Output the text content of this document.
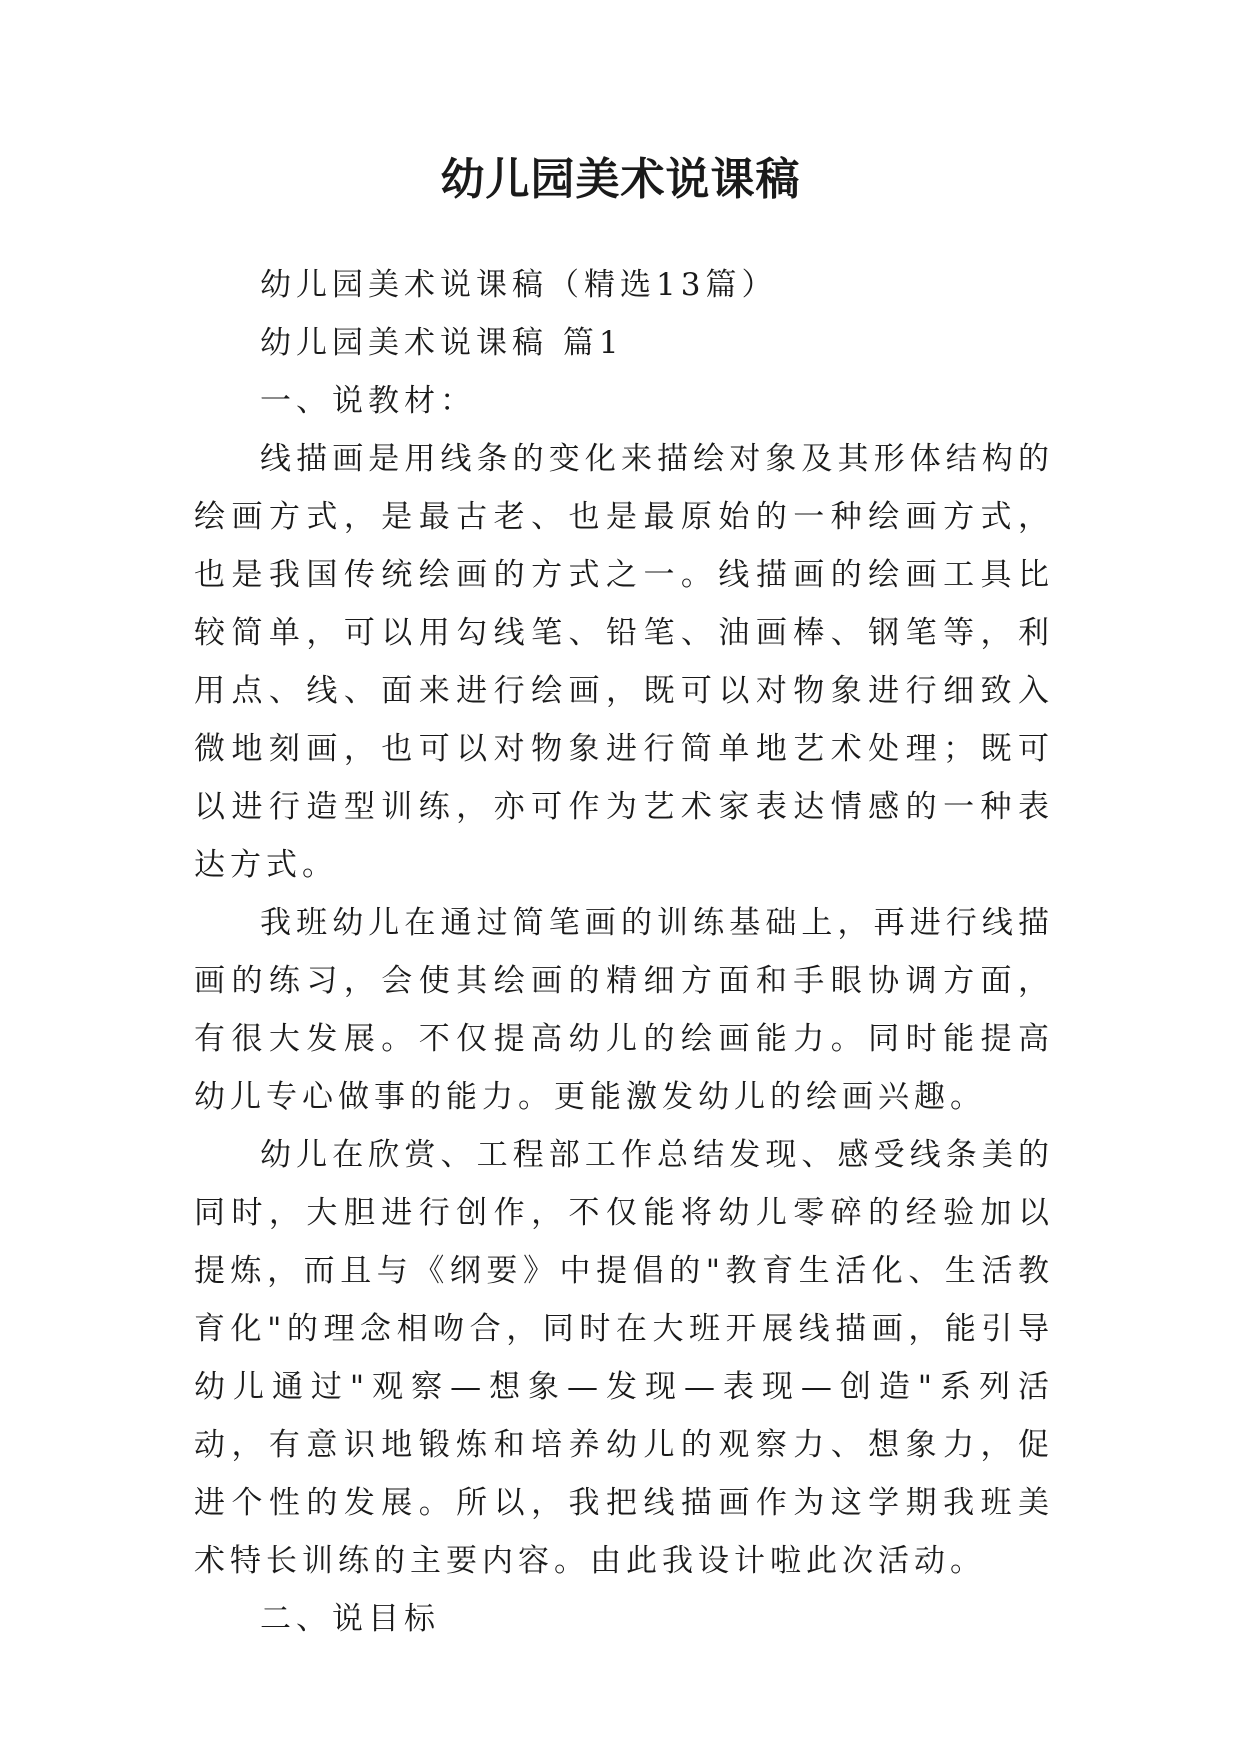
幼儿园美术说课稿

幼儿园美术说课稿（精选13篇）

幼儿园美术说课稿 篇1

一、说教材：

线描画是用线条的变化来描绘对象及其形体结构的绘画方式，是最古老、也是最原始的一种绘画方式，也是我国传统绘画的方式之一。线描画的绘画工具比较简单，可以用勾线笔、铅笔、油画棒、钢笔等，利用点、线、面来进行绘画，既可以对物象进行细致入微地刻画，也可以对物象进行简单地艺术处理；既可以进行造型训练，亦可作为艺术家表达情感的一种表达方式。

我班幼儿在通过简笔画的训练基础上，再进行线描画的练习，会使其绘画的精细方面和手眼协调方面，有很大发展。不仅提高幼儿的绘画能力。同时能提高幼儿专心做事的能力。更能激发幼儿的绘画兴趣。

幼儿在欣赏、工程部工作总结发现、感受线条美的同时，大胆进行创作，不仅能将幼儿零碎的经验加以提炼，而且与《纲要》中提倡的"教育生活化、生活教育化"的理念相吻合，同时在大班开展线描画，能引导幼儿通过"观察—想象—发现—表现—创造"系列活动，有意识地锻炼和培养幼儿的观察力、想象力，促进个性的发展。所以，我把线描画作为这学期我班美术特长训练的主要内容。由此我设计啦此次活动。

二、说目标
